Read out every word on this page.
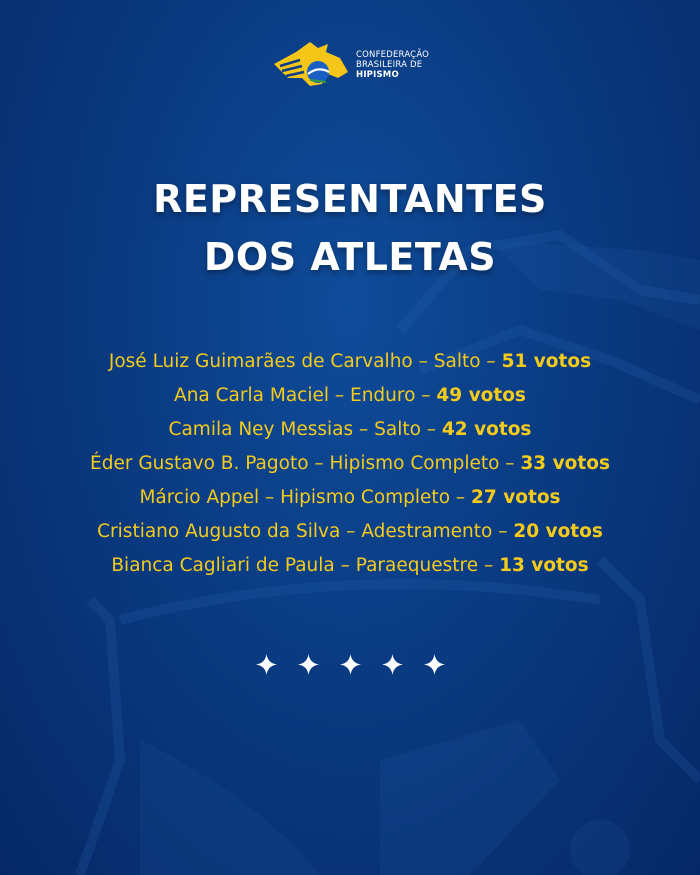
CONFEDERAÇÃO
BRASILEIRA DE
HIPISMO
REPRESENTANTES
DOS ATLETAS
José Luiz Guimarães de Carvalho – Salto – 51 votos
Ana Carla Maciel – Enduro – 49 votos
Camila Ney Messias – Salto – 42 votos
Éder Gustavo B. Pagoto – Hipismo Completo – 33 votos
Márcio Appel – Hipismo Completo – 27 votos
Cristiano Augusto da Silva – Adestramento – 20 votos
Bianca Cagliari de Paula – Paraequestre – 13 votos
